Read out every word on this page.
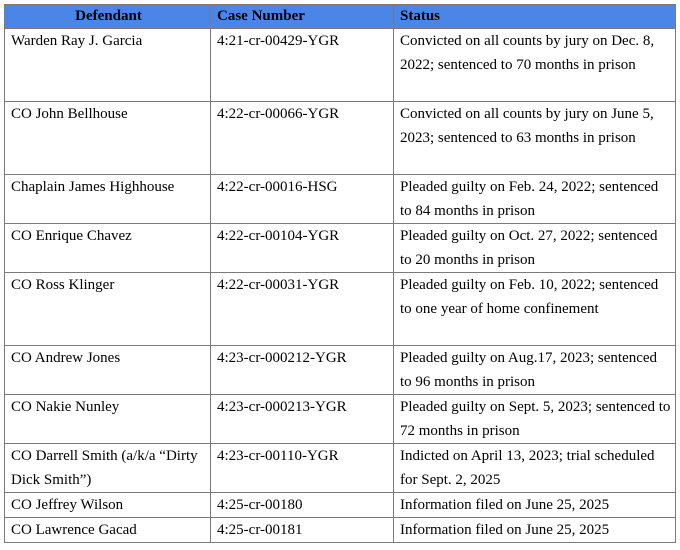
Defendant	Case Number	Status
Warden Ray J. Garcia	4:21-cr-00429-YGR	Convicted on all counts by jury on Dec. 8, 2022; sentenced to 70 months in prison
CO John Bellhouse	4:22-cr-00066-YGR	Convicted on all counts by jury on June 5, 2023; sentenced to 63 months in prison
Chaplain James Highhouse	4:22-cr-00016-HSG	Pleaded guilty on Feb. 24, 2022; sentenced to 84 months in prison
CO Enrique Chavez	4:22-cr-00104-YGR	Pleaded guilty on Oct. 27, 2022; sentenced to 20 months in prison
CO Ross Klinger	4:22-cr-00031-YGR	Pleaded guilty on Feb. 10, 2022; sentenced to one year of home confinement
CO Andrew Jones	4:23-cr-000212-YGR	Pleaded guilty on Aug.17, 2023; sentenced to 96 months in prison
CO Nakie Nunley	4:23-cr-000213-YGR	Pleaded guilty on Sept. 5, 2023; sentenced to 72 months in prison
CO Darrell Smith (a/k/a “Dirty Dick Smith”)	4:23-cr-00110-YGR	Indicted on April 13, 2023; trial scheduled for Sept. 2, 2025
CO Jeffrey Wilson	4:25-cr-00180	Information filed on June 25, 2025
CO Lawrence Gacad	4:25-cr-00181	Information filed on June 25, 2025
